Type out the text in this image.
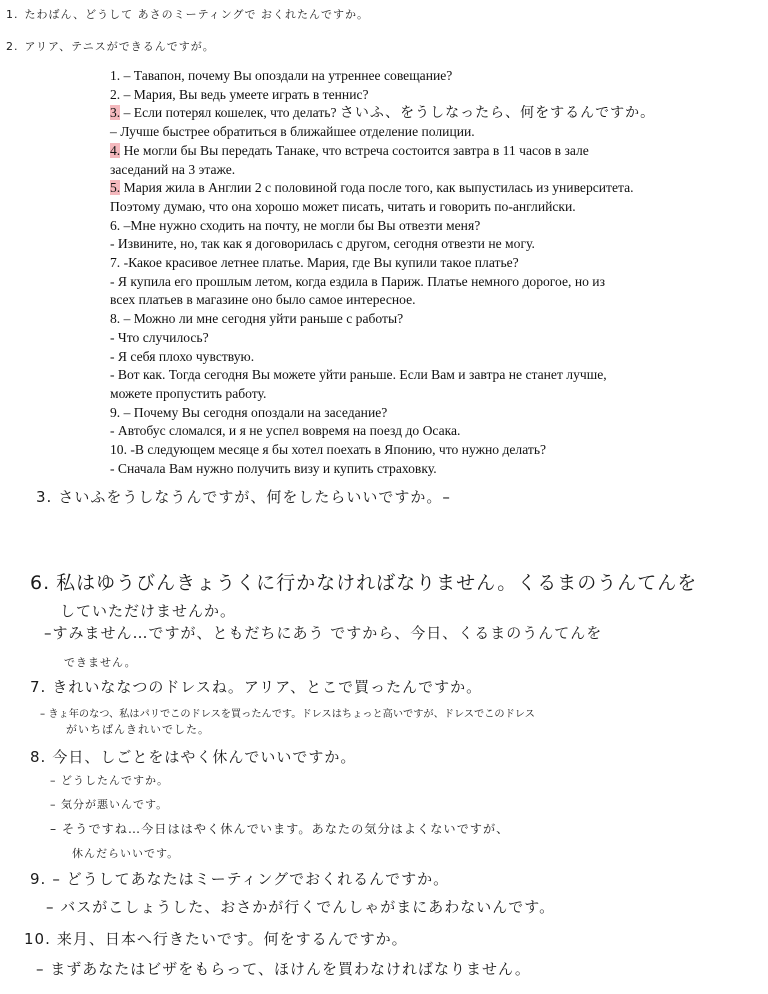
1. たわばん、どうして あさのミーティングで おくれたんですか。
2. アリア、テニスができるんですが。
1. – Тавапон, почему Вы опоздали на утреннее совещание?
2. – Мария, Вы ведь умеете играть в теннис?
3. – Если потерял кошелек, что делать? さいふ、をうしなったら、何をするんですか。
– Лучше быстрее обратиться в ближайшее отделение полиции.
4. Не могли бы Вы передать Танаке, что встреча состоится завтра в 11 часов в зале
заседаний на 3 этаже.
5. Мария жила в Англии 2 с половиной года после того, как выпустилась из университета.
Поэтому думаю, что она хорошо может писать, читать и говорить по-английски.
6. –Мне нужно сходить на почту, не могли бы Вы отвезти меня?
- Извините, но, так как я договорилась с другом, сегодня отвезти не могу.
7. -Какое красивое летнее платье. Мария, где Вы купили такое платье?
- Я купила его прошлым летом, когда ездила в Париж. Платье немного дорогое, но из
всех платьев в магазине оно было самое интересное.
8. – Можно ли мне сегодня уйти раньше с работы?
- Что случилось?
- Я себя плохо чувствую.
- Вот как. Тогда сегодня Вы можете уйти раньше. Если Вам и завтра не станет лучше,
можете пропустить работу.
9. – Почему Вы сегодня опоздали на заседание?
- Автобус сломался, и я не успел вовремя на поезд до Осака.
10. -В следующем месяце я бы хотел поехать в Японию, что нужно делать?
- Сначала Вам нужно получить визу и купить страховку.
3. さいふをうしなうんですが、何をしたらいいですか。–
6. 私はゆうびんきょうくに行かなければなりません。くるまのうんてんを
していただけませんか。
–すみません…ですが、ともだちにあう ですから、今日、くるまのうんてんを
できません。
7. きれいななつのドレスね。アリア、とこで買ったんですか。
– きょ年のなつ、私はパリでこのドレスを買ったんです。ドレスはちょっと高いですが、ドレスでこのドレス
がいちばんきれいでした。
8. 今日、しごとをはやく休んでいいですか。
– どうしたんですか。
– 気分が悪いんです。
– そうですね…今日ははやく休んでいます。あなたの気分はよくないですが、
休んだらいいです。
9. – どうしてあなたはミーティングでおくれるんですか。
– バスがこしょうした、おさかが行くでんしゃがまにあわないんです。
10. 来月、日本へ行きたいです。何をするんですか。
– まずあなたはビザをもらって、ほけんを買わなければなりません。
